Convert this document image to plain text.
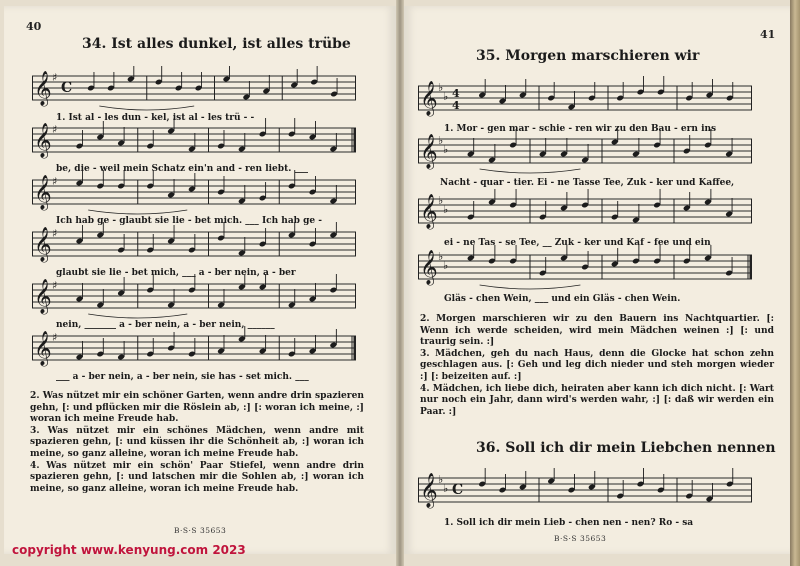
40
34. Ist alles dunkel, ist alles trübe
𝄞 ♯
C
𝄞 ♯
𝄞 ♯
𝄞 ♯
𝄞 ♯
𝄞 ♯
1. Ist al - les dun - kel, ist al - les trü - -
be, die - weil mein Schatz ein'n and - ren liebt. ___
Ich hab ge - glaubt sie lie - bet mich. ___ Ich hab ge -
glaubt sie lie - bet mich, ___ a - ber nein, a - ber
nein, _______ a - ber nein, a - ber nein, ______
___ a - ber nein, a - ber nein, sie has - set mich. ___
2. Was nützet mir ein schöner Garten, wenn andre drin spazieren gehn, [: und pflücken mir die Röslein ab, :] [: woran ich meine, :] woran ich meine Freude hab.
3. Was nützet mir ein schönes Mädchen, wenn andre mit spazieren gehn, [: und küssen ihr die Schönheit ab, :] woran ich meine, so ganz alleine, woran ich meine Freude hab.
4. Was nützet mir ein schön' Paar Stiefel, wenn andre drin spazieren gehn, [: und latschen mir die Sohlen ab, :] woran ich meine, so ganz alleine, woran ich meine Freude hab.
B·S·S 35653
41
35. Morgen marschieren wir
𝄞 ♭
♭ 4
4
𝄞 ♭
♭
𝄞 ♭
♭
𝄞 ♭
♭
𝄞 ♭
♭ C
1. Mor - gen mar - schie - ren wir zu den Bau - ern ins
Nacht - quar - tier. Ei - ne Tasse Tee, Zuk - ker und Kaffee,
ei - ne Tas - se Tee, __ Zuk - ker und Kaf - fee und ein
Gläs - chen Wein, ___ und ein Gläs - chen Wein.
2. Morgen marschieren wir zu den Bauern ins Nachtquartier. [: Wenn ich werde scheiden, wird mein Mädchen weinen :] [: und traurig sein. :]
3. Mädchen, geh du nach Haus, denn die Glocke hat schon zehn geschlagen aus. [: Geh und leg dich nieder und steh morgen wieder :] [: beizeiten auf. :]
4. Mädchen, ich liebe dich, heiraten aber kann ich dich nicht. [: Wart nur noch ein Jahr, dann wird's werden wahr, :] [: daß wir werden ein Paar. :]
36. Soll ich dir mein Liebchen nennen
1. Soll ich dir mein Lieb - chen nen - nen? Ro - sa
B·S·S 35653
copyright www.kenyung.com 2023
